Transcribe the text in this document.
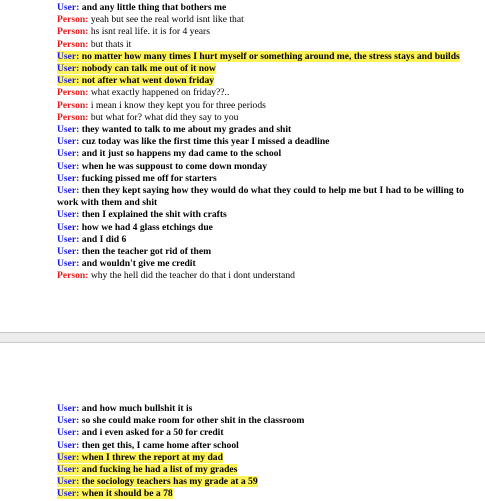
User: and any little thing that bothers me
Person: yeah but see the real world isnt like that
Person: hs isnt real life. it is for 4 years
Person: but thats it
User: no matter how many times I hurt myself or something around me, the stress stays and builds
User: nobody can talk me out of it now
User: not after what went down friday
Person: what exactly happened on friday??..
Person: i mean i know they kept you for three periods
Person: but what for? what did they say to you
User: they wanted to talk to me about my grades and shit
User: cuz today was like the first time this year I missed a deadline
User: and it just so happens my dad came to the school
User: when he was suppoust to come down monday
User: fucking pissed me off for starters
User: then they kept saying how they would do what they could to help me but I had to be willing to work with them and shit
User: then I explained the shit with crafts
User: how we had 4 glass etchings due
User: and I did 6
User: then the teacher got rid of them
User: and wouldn't give me credit
Person: why the hell did the teacher do that i dont understand
User: and how much bullshit it is
User: so she could make room for other shit in the classroom
User: and i even asked for a 50 for credit
User: then get this, I came home after school
User: when I threw the report at my dad
User: and fucking he had a list of my grades
User: the sociology teachers has my grade at a 59
User: when it should be a 78
